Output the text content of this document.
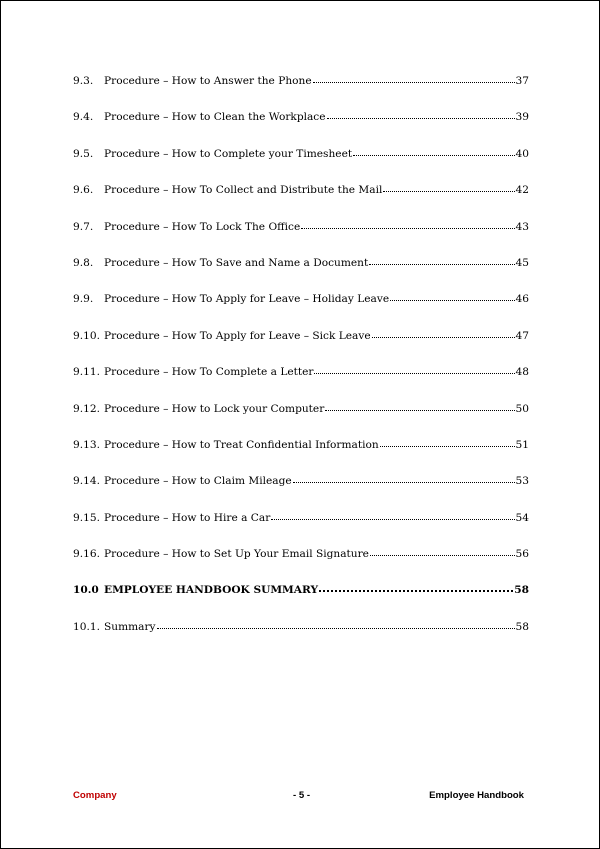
9.3.	Procedure – How to Answer the Phone	37
9.4.	Procedure – How to Clean the Workplace	39
9.5.	Procedure – How to Complete your Timesheet	40
9.6.	Procedure – How To Collect and Distribute the Mail	42
9.7.	Procedure – How To Lock The Office	43
9.8.	Procedure – How To Save and Name a Document	45
9.9.	Procedure – How To Apply for Leave – Holiday Leave	46
9.10. Procedure – How To Apply for Leave – Sick Leave	47
9.11. Procedure – How To Complete a Letter	48
9.12. Procedure – How to Lock your Computer	50
9.13. Procedure – How to Treat Confidential Information	51
9.14. Procedure – How to Claim Mileage	53
9.15. Procedure – How to Hire a Car	54
9.16. Procedure – How to Set Up Your Email Signature	56
10.0 EMPLOYEE HANDBOOK SUMMARY	58
10.1. Summary	58
Company	- 5 -	Employee Handbook
